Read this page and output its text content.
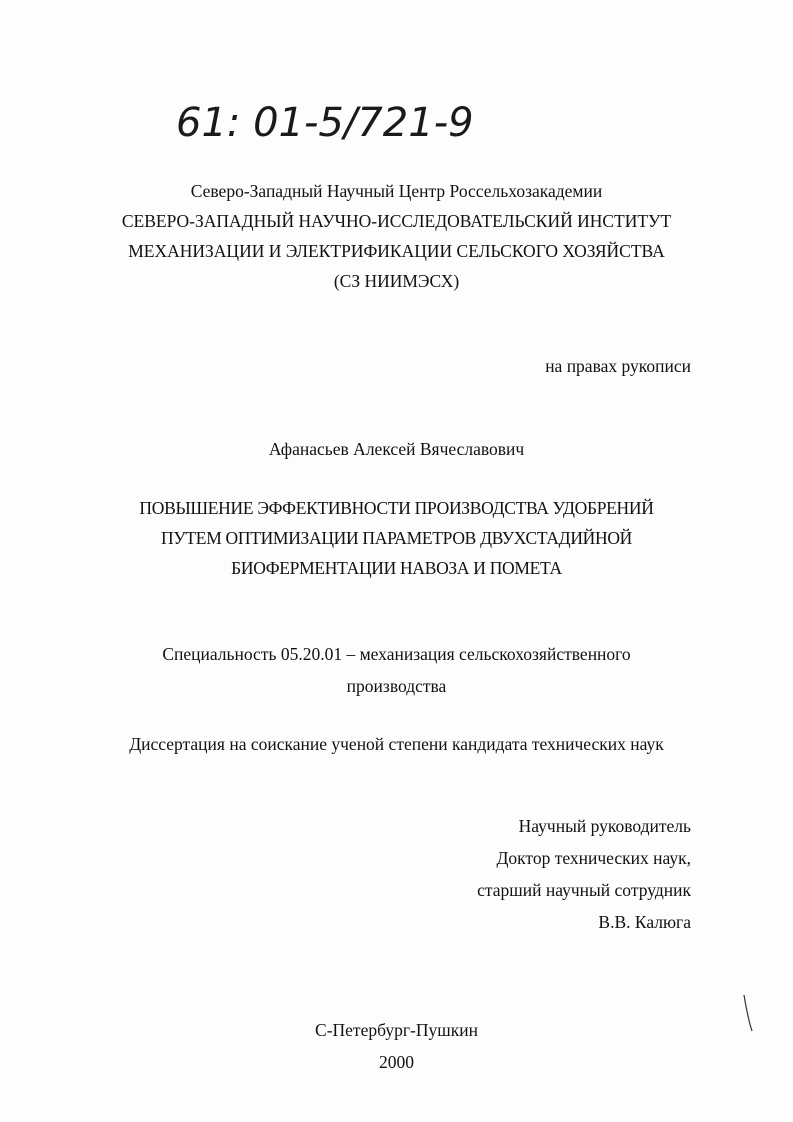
61: 01-5/721-9
Северо-Западный Научный Центр Россельхозакадемии
СЕВЕРО-ЗАПАДНЫЙ НАУЧНО-ИССЛЕДОВАТЕЛЬСКИЙ ИНСТИТУТ
МЕХАНИЗАЦИИ И ЭЛЕКТРИФИКАЦИИ СЕЛЬСКОГО ХОЗЯЙСТВА
(СЗ НИИМЭСХ)
на правах рукописи
Афанасьев Алексей Вячеславович
ПОВЫШЕНИЕ ЭФФЕКТИВНОСТИ ПРОИЗВОДСТВА УДОБРЕНИЙ
ПУТЕМ ОПТИМИЗАЦИИ ПАРАМЕТРОВ ДВУХСТАДИЙНОЙ
БИОФЕРМЕНТАЦИИ НАВОЗА И ПОМЕТА
Специальность 05.20.01 – механизация сельскохозяйственного
производства
Диссертация на соискание ученой степени кандидата технических наук
Научный руководитель
Доктор технических наук,
старший научный сотрудник
В.В. Калюга
С-Петербург-Пушкин
2000
